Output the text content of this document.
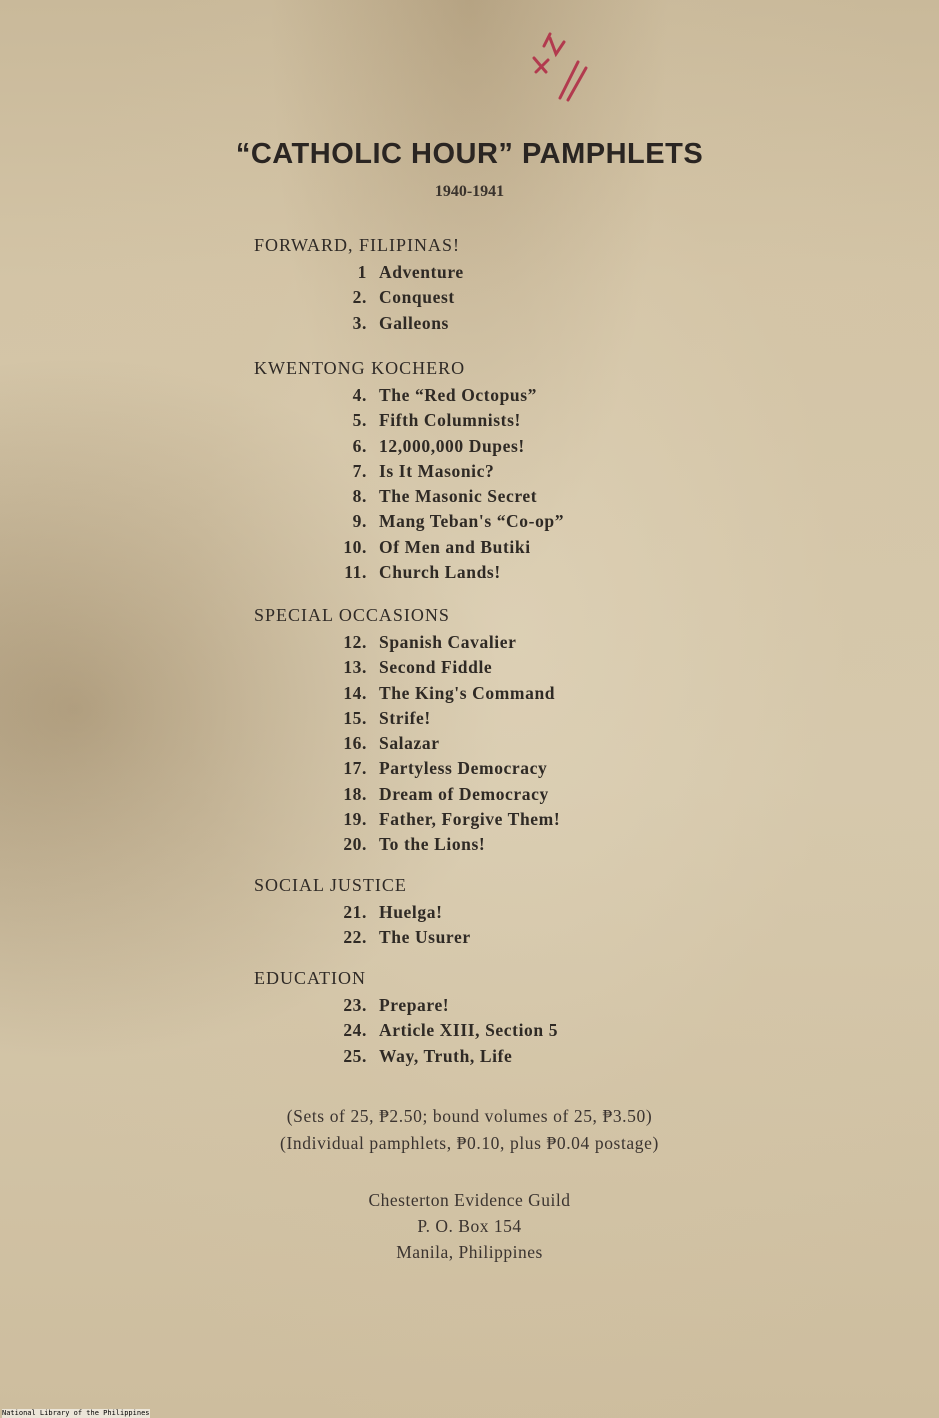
“CATHOLIC HOUR” PAMPHLETS
1940-1941
FORWARD, FILIPINAS!
1 Adventure
2. Conquest
3. Galleons
KWENTONG KOCHERO
4. The “Red Octopus”
5. Fifth Columnists!
6. 12,000,000 Dupes!
7. Is It Masonic?
8. The Masonic Secret
9. Mang Teban's “Co-op”
10. Of Men and Butiki
11. Church Lands!
SPECIAL OCCASIONS
12. Spanish Cavalier
13. Second Fiddle
14. The King's Command
15. Strife!
16. Salazar
17. Partyless Democracy
18. Dream of Democracy
19. Father, Forgive Them!
20. To the Lions!
SOCIAL JUSTICE
21. Huelga!
22. The Usurer
EDUCATION
23. Prepare!
24. Article XIII, Section 5
25. Way, Truth, Life
(Sets of 25, ₱2.50; bound volumes of 25, ₱3.50)
(Individual pamphlets, ₱0.10, plus ₱0.04 postage)
Chesterton Evidence Guild
P. O. Box 154
Manila, Philippines
National Library of the Philippines
